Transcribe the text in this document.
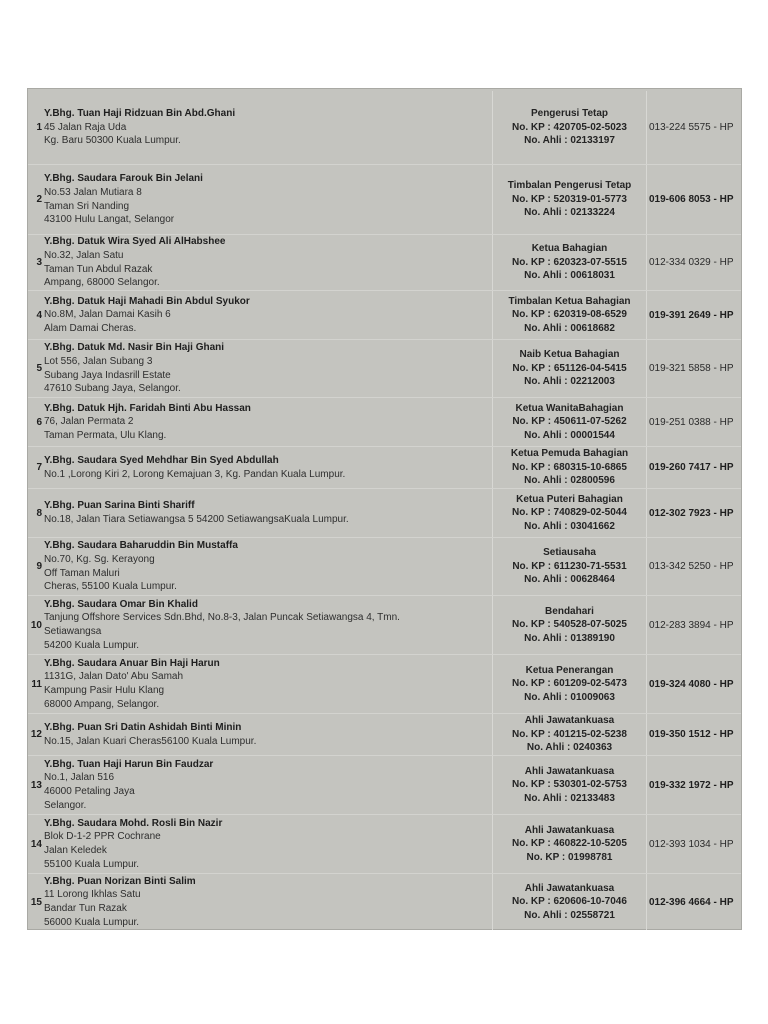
1
Y.Bhg. Tuan Haji Ridzuan Bin Abd.Ghani
45 Jalan Raja Uda
Kg. Baru 50300 Kuala Lumpur.
Pengerusi Tetap
No. KP : 420705-02-5023
No. Ahli : 02133197
013-224 5575 - HP
2
Y.Bhg. Saudara Farouk Bin Jelani
No.53 Jalan Mutiara 8
Taman Sri Nanding
43100 Hulu Langat, Selangor
Timbalan Pengerusi Tetap
No. KP : 520319-01-5773
No. Ahli : 02133224
019-606 8053 - HP
3
Y.Bhg. Datuk Wira Syed Ali AlHabshee
No.32, Jalan Satu
Taman Tun Abdul Razak
Ampang, 68000 Selangor.
Ketua Bahagian
No. KP : 620323-07-5515
No. Ahli : 00618031
012-334 0329 - HP
4
Y.Bhg. Datuk Haji Mahadi Bin Abdul Syukor
No.8M, Jalan Damai Kasih 6
Alam Damai Cheras.
Timbalan Ketua Bahagian
No. KP : 620319-08-6529
No. Ahli : 00618682
019-391 2649 - HP
5
Y.Bhg. Datuk Md. Nasir Bin Haji Ghani
Lot 556, Jalan Subang 3
Subang Jaya Indasrill Estate
47610 Subang Jaya, Selangor.
Naib Ketua Bahagian
No. KP : 651126-04-5415
No. Ahli : 02212003
019-321 5858 - HP
6
Y.Bhg. Datuk Hjh. Faridah Binti Abu Hassan
76, Jalan Permata 2
Taman Permata, Ulu Klang.
Ketua WanitaBahagian
No. KP : 450611-07-5262
No. Ahli : 00001544
019-251 0388 - HP
7
Y.Bhg. Saudara Syed Mehdhar Bin Syed Abdullah
No.1 ,Lorong Kiri 2, Lorong Kemajuan 3, Kg. Pandan Kuala Lumpur.
Ketua Pemuda Bahagian
No. KP : 680315-10-6865
No. Ahli : 02800596
019-260 7417 - HP
8
Y.Bhg. Puan Sarina Binti Shariff
No.18, Jalan Tiara Setiawangsa 5 54200 SetiawangsaKuala Lumpur.
Ketua Puteri Bahagian
No. KP : 740829-02-5044
No. Ahli : 03041662
012-302 7923 - HP
9
Y.Bhg. Saudara Baharuddin Bin Mustaffa
No.70, Kg. Sg. Kerayong
Off Taman Maluri
Cheras, 55100 Kuala Lumpur.
Setiausaha
No. KP : 611230-71-5531
No. Ahli : 00628464
013-342 5250 - HP
10
Y.Bhg. Saudara Omar Bin Khalid
Tanjung Offshore Services Sdn.Bhd, No.8-3, Jalan Puncak Setiawangsa 4, Tmn.
Setiawangsa
54200 Kuala Lumpur.
Bendahari
No. KP : 540528-07-5025
No. Ahli : 01389190
012-283 3894 - HP
11
Y.Bhg. Saudara Anuar Bin Haji Harun
1131G, Jalan Dato' Abu Samah
Kampung Pasir Hulu Klang
68000 Ampang, Selangor.
Ketua Penerangan
No. KP : 601209-02-5473
No. Ahli : 01009063
019-324 4080 - HP
12
Y.Bhg. Puan Sri Datin Ashidah Binti Minin
No.15, Jalan Kuari Cheras56100 Kuala Lumpur.
Ahli Jawatankuasa
No. KP : 401215-02-5238
No. Ahli : 0240363
019-350 1512 - HP
13
Y.Bhg. Tuan Haji Harun Bin Faudzar
No.1, Jalan 516
46000 Petaling Jaya
Selangor.
Ahli Jawatankuasa
No. KP : 530301-02-5753
No. Ahli : 02133483
019-332 1972 - HP
14
Y.Bhg. Saudara Mohd. Rosli Bin Nazir
Blok D-1-2 PPR Cochrane
Jalan Keledek
55100 Kuala Lumpur.
Ahli Jawatankuasa
No. KP : 460822-10-5205
No. KP : 01998781
012-393 1034 - HP
15
Y.Bhg. Puan Norizan Binti Salim
11 Lorong Ikhlas Satu
Bandar Tun Razak
56000 Kuala Lumpur.
Ahli Jawatankuasa
No. KP : 620606-10-7046
No. Ahli : 02558721
012-396 4664 - HP
